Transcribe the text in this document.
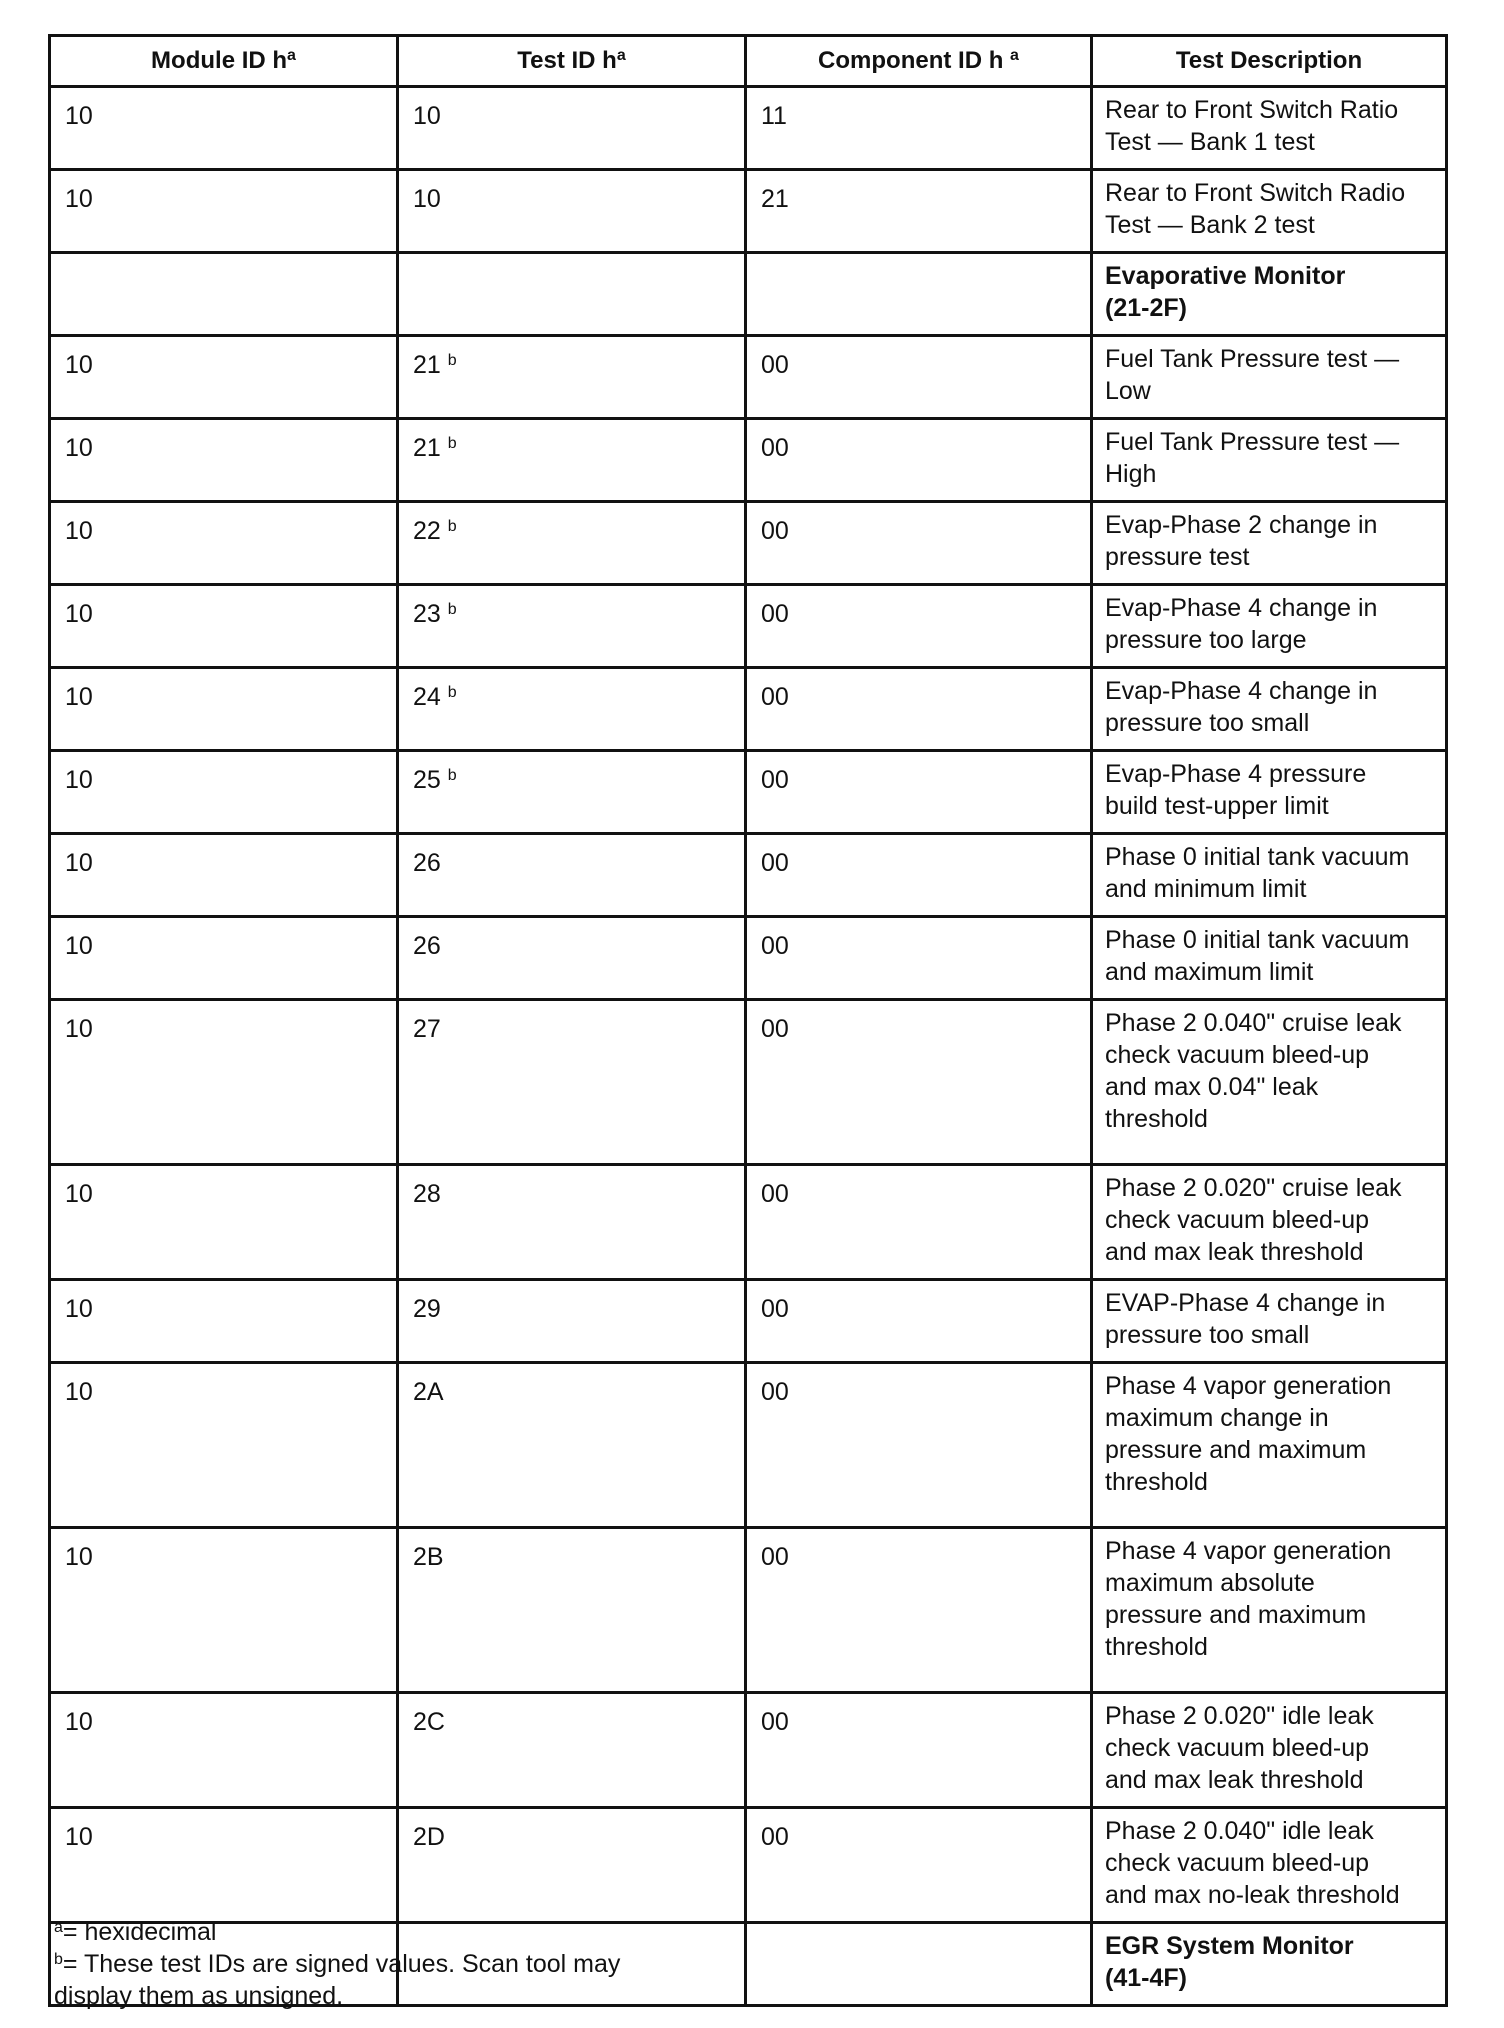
Module ID $h^a$	Test ID $h^a$	Component ID h $^a$	Test Description
10	10	11	Rear to Front Switch Ratio
Test — Bank 1 test

10	10	21	Rear to Front Switch Radio
Test — Bank 2 test

			Evaporative Monitor
(21-2F)

10	21 $^b$	00	Fuel Tank Pressure test —
Low

10	21 $^b$	00	Fuel Tank Pressure test —
High

10	22 $^b$	00	Evap-Phase 2 change in
pressure test

10	23 $^b$	00	Evap-Phase 4 change in
pressure too large

10	24 $^b$	00	Evap-Phase 4 change in
pressure too small

10	25 $^b$	00	Evap-Phase 4 pressure
build test-upper limit

10	26	00	Phase 0 initial tank vacuum
and minimum limit

10	26	00	Phase 0 initial tank vacuum
and maximum limit

10	27	00	Phase 2 0.040" cruise leak
check vacuum bleed-up
and max 0.04" leak
threshold

10	28	00	Phase 2 0.020" cruise leak
check vacuum bleed-up
and max leak threshold

10	29	00	EVAP-Phase 4 change in
pressure too small

10	2A	00	Phase 4 vapor generation
maximum change in
pressure and maximum
threshold

10	2B	00	Phase 4 vapor generation
maximum absolute
pressure and maximum
threshold

10	2C	00	Phase 2 0.020" idle leak
check vacuum bleed-up
and max leak threshold

10	2D	00	Phase 2 0.040" idle leak
check vacuum bleed-up
and max no-leak threshold

			EGR System Monitor
(41-4F)
$^a$= hexidecimal
$^b$= These test IDs are signed values. Scan tool may
display them as unsigned.
